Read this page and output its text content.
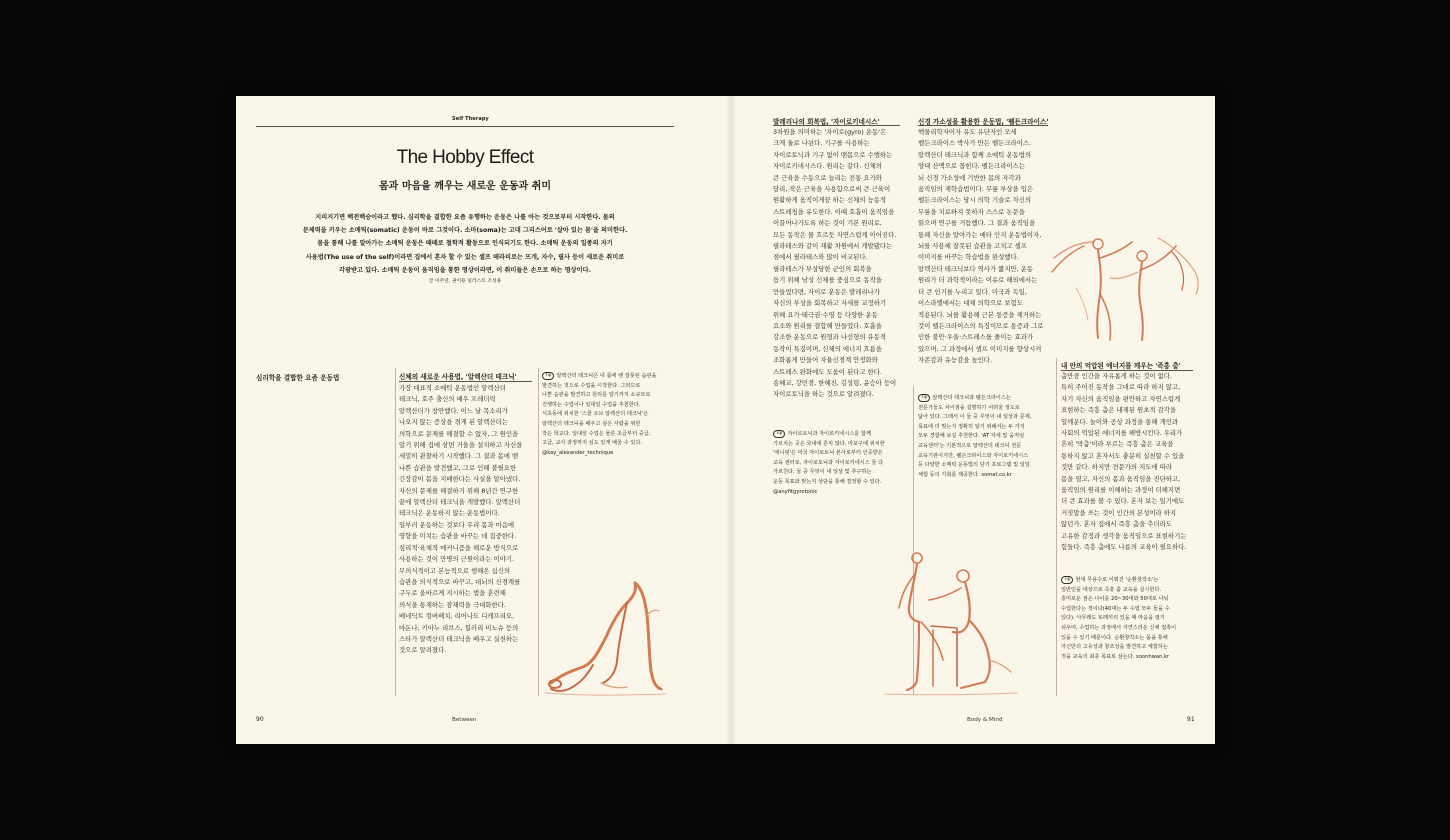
Self Therapy
The Hobby Effect
몸과 마음을 깨우는 새로운 운동과 취미

지피지기면 백전백승이라고 했다. 심리학을 결합한 요즘 유행하는 운동은 나를 아는 것으로부터 시작한다. 몸의

문제력을 키우는 소매틱(somatic) 운동이 바로 그것이다. 소마(soma)는 고대 그리스어로 '살아 있는 몸'을 의미한다.

몸을 통해 나를 알아가는 소매틱 운동은 때때로 철학적 활동으로 인식되기도 한다. 소매틱 운동의 일종의 자기

사용법(The use of the self)이라면 집에서 혼자 할 수 있는 셀프 테라피로는 뜨개, 자수, 필사 등이 새로운 취미로

각광받고 있다. 소매틱 운동이 움직임을 통한 명상이라면, 이 취미들은 손으로 하는 명상이다.

글 이주연, 권이용 일러스트 조성홍
심리학을 결합한 요즘 운동법	신체의 새로운 사용법, '알렉산더 테크닉'

가장 대표적 소매틱 운동법인 알렉산더

테크닉, 호주 출신의 배우 프레더릭

알렉산더가 창안했다. 어느 날 목소리가

나오지 않는 증상을 겪게 된 알렉산더는

의학으로 문제를 해결할 수 없자, 그 원인을

알기 위해 집에 삼면 거울을 설치하고 자신을

세밀히 관찰하기 시작했다. 그 결과 몸에 밴

나쁜 습관을 발견했고, 그로 인해 불필요한

긴장감이 몸을 지배한다는 사실을 알아냈다.

자신의 문제를 해결하기 위해 8년간 연구한

끝에 알렉산더 테크닉을 개발했다. 알렉산더

테크닉은 운동하지 않는 운동법이다.

일부러 운동하는 것보다 우리 몸과 마음에

영향을 미치는 습관을 바꾸는 데 집중한다.

심리적·육체적 메커니즘을 해로운 방식으로

사용하는 것이 만병의 근원이라는 이야기.

무의식적이고 본능적으로 행해온 십신의

습관을 의식적으로 바꾸고, 대뇌의 신경계를

구두로 올바르게 지시하는 법을 훈련해

의식을 통제하는 잠재력을 극대화한다.

베네딕트 컴버배치, 리어나도 디캐프리오,

마돈나, 키아누 리브스, 힐러리 비노슈 등의

스타가 알렉산더 테크닉을 배우고 실천하는

것으로 알려졌다.

Tip 알렉산더 테크닉은 내 몸에 밴 잘못된 습관을

발견하는 것으로 수업을 시작한다. 그러므로

나쁜 습관을 발견하고 원리를 알기까지 소규모로

진행하는 수업이나 일대일 수업을 추천한다.

서초동에 위치한 '스쿨 오브 알렉산더 테크닉'은

알렉산더 테크닉을 배우고 싶은 사람을 위한

작은 학교다. 일대일 수업은 물론 초급부터 중급,

고급, 교사 과정까지 심도 있게 배울 수 있다.

@kay_alexander_technique

90	Between
발레리나의 회복법, '자이로키네시스'

3차원을 의미하는 '자이로(gyro) 운동'은

크게 둘로 나뉜다. 기구를 사용하는

자이로토닉과 기구 없이 맨몸으로 수행하는

자이로키네시스다. 원리는 같다. 신체의

큰 근육을 수동으로 늘리는 전통 요가와

달리, 작은 근육을 사용함으로써 큰 근육이

원활하게 움직이게끔 하는 신체의 능동적

스트레칭을 유도한다. 이때 호흡이 움직임을

이끌어나가도록 하는 것이 기본 원리로,

모든 동작은 물 흐르듯 자연스럽게 이어진다.

필라테스와 같이 재활 차원에서 개발됐다는

점에서 필라테스와 많이 비교된다.

필라테스가 부상당한 군인의 회복을

돕기 위해 남성 신체를 중심으로 동작을

만들었다면, 자이로 운동은 발레리나가

자신의 부상을 회복하고 자세를 교정하기

위해 요가·태극권·수영 등 다양한 운동

요소와 원리를 결합해 만들었다. 호흡을

강조한 운동으로 원형과 나선형의 유동적

동작이 특징이며, 신체의 에너지 흐름을

조화롭게 만들어 자율신경계 안정화와

스트레스 완화에도 도움이 된다고 한다.

송혜교, 강민경, 한혜진, 김성령, 윤승아 등이

자이로토닉을 하는 것으로 알려졌다.

Tip 자이로토닉과 자이로키네시스를 함께

가르치는 곳은 국내에 흔치 않다. 마포구에 위치한

'애니핏'은 미국 자이로토닉 본사로부터 인증받은

교육 센터로, 자이로토닉과 자이로키네시스 둘 다

가르친다. 둘 중 무엇이 내 일상 및 추구하는

운동 목표와 맞는지 상담을 통해 결정할 수 있다.

@anyfitgyrotonic

신경 가소성을 활용한 운동법, '펠든크라이스'

핵물리학자이자 유도 유단자인 모세

펠든크라이스 박사가 만든 펠든크라이스.

알렉산더 테크닉과 함께 소매틱 운동법의

양대 산맥으로 꼽힌다. 펠든크라이스는

뇌 신경 가소성에 기반한 몸의 자각과

움직임의 재학습법이다. 무릎 부상을 입은

펠든크라이스는 당시 의학 기술로 자신의

무릎을 치료하지 못하자 스스로 논문을

읽으며 연구를 거듭했다. 그 결과 움직임을

통해 자신을 알아가는 메타 인지 운동법이자,

뇌를 사용해 잘못된 습관을 고치고 셀프

이미지를 바꾸는 학습법을 완성했다.

알렉산더 테크닉보다 역사가 짧지만, 운동

원리가 더 과학적이라는 이유로 해외에서는

더 큰 인기를 누리고 있다. 미국과 독일,

이스라엘에서는 대체 의학으로 보험도

적용된다. 뇌를 활용해 근본 통증을 제거하는

것이 펠든크라이스의 특징이므로 통증과 그로

인한 불안·우울·스트레스를 줄이는 효과가

있으며, 그 과정에서 셀프 이미지를 향상시켜

자존감과 유능감을 높인다.

Tip 알렉산더 테크닉과 펠든크라이스는

전문가들도 차이점을 설명하기 어려울 정도로

닮아 있다. 그래서 이 둘 중 무엇이 내 일상과 문제,

목표에 더 맞는지 정확히 알기 위해서는 두 가지

모두 경험해 보길 추천한다. 'AT 자세 및 움직임

교육센터'는 기본적으로 알렉산더 테크닉 전문

교육기관이지만, 펠든크라이스와 자이로키네시스

등 다양한 소매틱 운동법의 단기 프로그램 및 일일

체험 등의 기회를 제공한다. somat.co.kr

내 안의 억압된 에너지를 깨우는 '즉흥 춤'

춤만큼 인간을 자유롭게 하는 것이 없다.

특히 주어진 동작을 그대로 따라 하지 않고,

자기 자신의 움직임을 편안하고 자연스럽게

표현하는 즉흥 춤은 내재된 원초적 감각을

일깨운다. 놀이와 공상 과정을 통해 개인과

사회의 억압된 에너지를 해방시킨다. 우리가

흔히 '막춤'이라 부르는 즉흥 춤은 교육을

통하지 않고 혼자서도 충분히 실천할 수 있을

것만 같다. 하지만 전문가의 지도에 따라

몸을 열고, 자신의 몸과 움직임을 진단하고,

움직임의 원리를 이해하는 과정이 더해지면

더 큰 효과를 볼 수 있다. 혼자 보는 일기에도

거짓말을 쓰는 것이 인간의 본성이라 하지

않던가. 혼자 집에서 즉흥 춤을 추더라도

고유한 감정과 생각을 움직임으로 표현하기는

힘들다. 즉흥 춤에도 나름의 교육이 필요하다.

Tip 현대 무용수로 이뤄진 '순환창작소'는

일반인을 대상으로 즉흥 춤 교육을 실시한다.

흥미로운 점은 나이를 20~30대와 50대로 나눠

수업한다는 것이다(40대는 두 수업 모두 들을 수

있다). 아무래도 또래끼리 있을 때 마음을 열기

쉬우며, 수업하는 과정에서 자연스러운 신체 접촉이

있을 수 있기 때문이다. 순환창작소는 몸을 통해

자신만의 고유성과 창조성을 발견하고 체험하는

것을 교육의 최종 목표로 삼는다. soonhwan.kr

Body & Mind	91
